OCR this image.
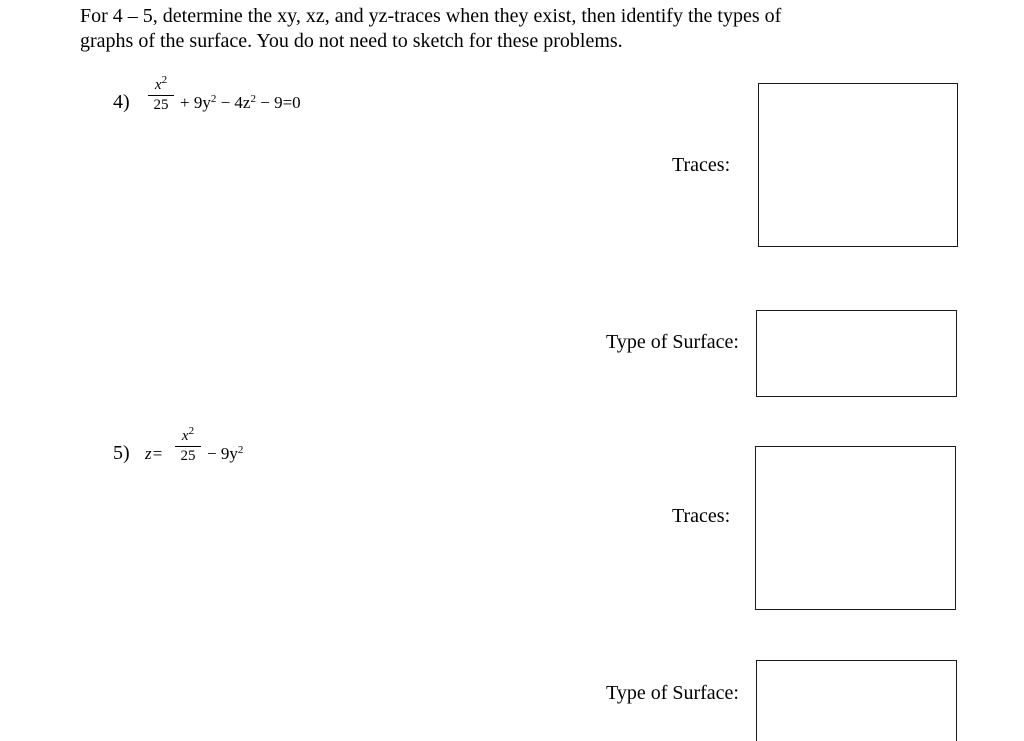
For 4 – 5, determine the xy, xz, and yz-traces when they exist, then identify the types of
graphs of the surface. You do not need to sketch for these problems.

4)
$x^2$
$25 + 9y^2 - 4z^2 - 9=0$
Traces:
Type of Surface:
5) z=
$x^2$
$25 - 9y^2$
Traces:
Type of Surface:
